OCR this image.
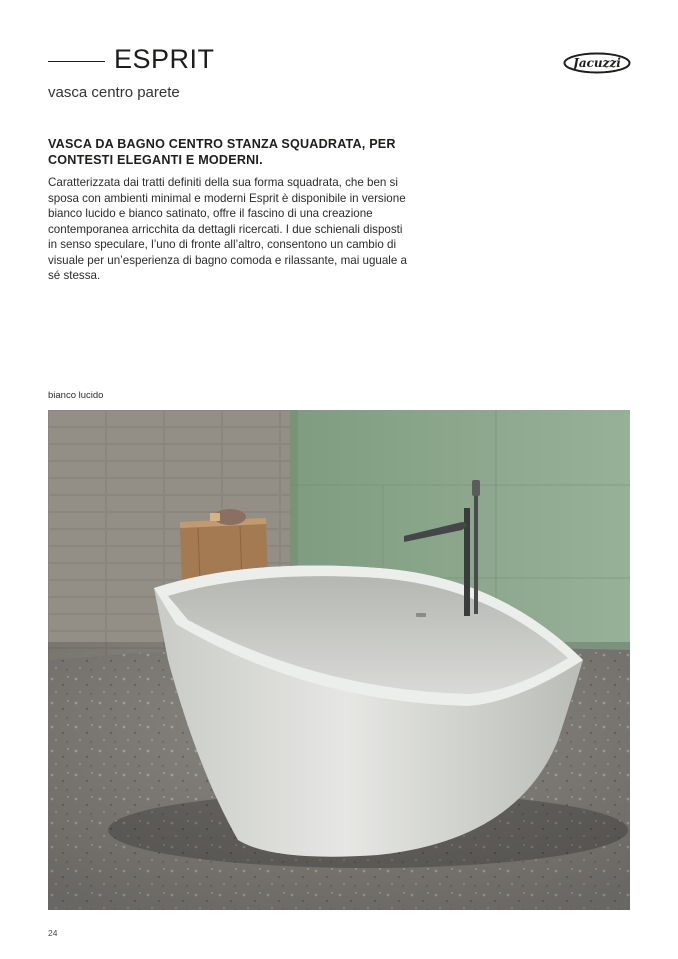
ESPRIT
vasca centro parete
Jacuzzi
VASCA DA BAGNO CENTRO STANZA SQUADRATA, PER
CONTESTI ELEGANTI E MODERNI.
Caratterizzata dai tratti definiti della sua forma squadrata, che ben si
sposa con ambienti minimal e moderni Esprit è disponibile in versione
bianco lucido e bianco satinato, offre il fascino di una creazione
contemporanea arricchita da dettagli ricercati. I due schienali disposti
in senso speculare, l’uno di fronte all’altro, consentono un cambio di
visuale per un’esperienza di bagno comoda e rilassante, mai uguale a
sé stessa.
bianco lucido
24
